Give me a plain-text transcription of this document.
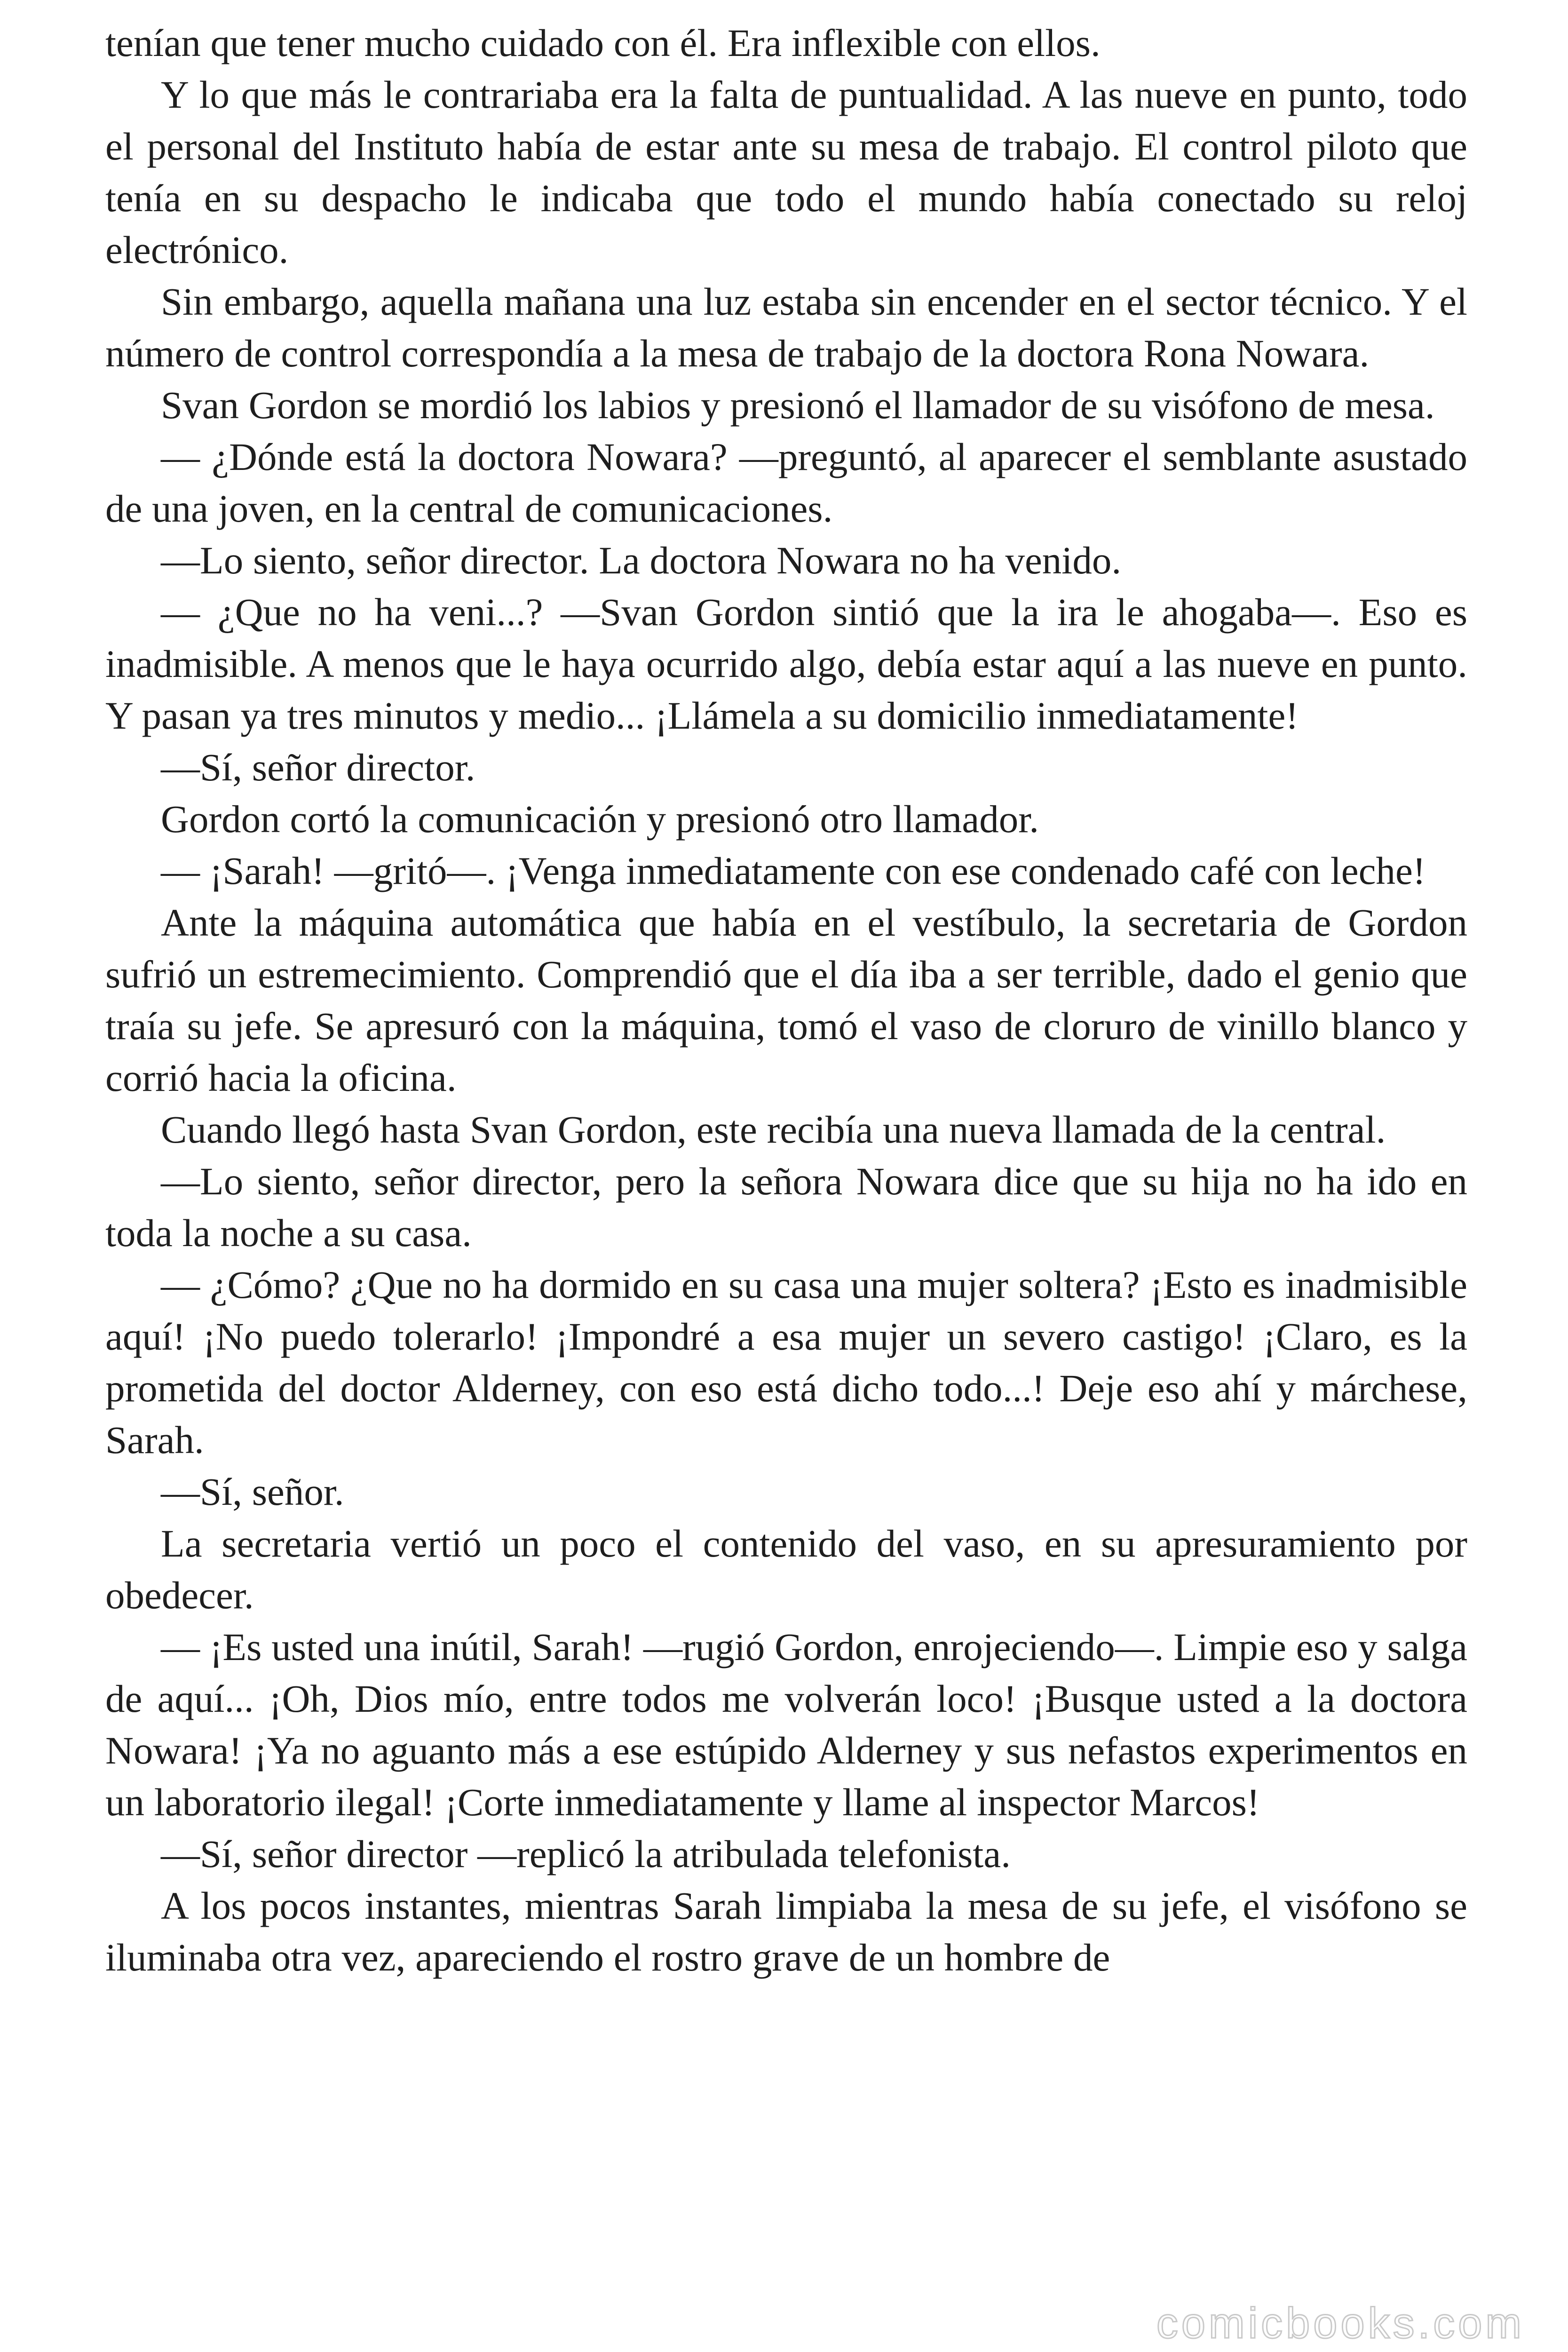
tenían que tener mucho cuidado con él. Era inflexible con ellos.

Y lo que más le contrariaba era la falta de puntualidad. A las nueve en punto, todo el personal del Instituto había de estar ante su mesa de trabajo. El control piloto que tenía en su despacho le indicaba que todo el mundo había conectado su reloj electrónico.

Sin embargo, aquella mañana una luz estaba sin encender en el sector técnico. Y el número de control correspondía a la mesa de trabajo de la doctora Rona Nowara.

Svan Gordon se mordió los labios y presionó el llamador de su visófono de mesa.

— ¿Dónde está la doctora Nowara? —preguntó, al aparecer el semblante asustado de una joven, en la central de comunicaciones.

—Lo siento, señor director. La doctora Nowara no ha venido.

— ¿Que no ha veni...? —Svan Gordon sintió que la ira le ahogaba—. Eso es inadmisible. A menos que le haya ocurrido algo, debía estar aquí a las nueve en punto. Y pasan ya tres minutos y medio... ¡Llámela a su domicilio inmediatamente!

—Sí, señor director.

Gordon cortó la comunicación y presionó otro llamador.

— ¡Sarah! —gritó—. ¡Venga inmediatamente con ese condenado café con leche!

Ante la máquina automática que había en el vestíbulo, la secretaria de Gordon sufrió un estremecimiento. Comprendió que el día iba a ser terrible, dado el genio que traía su jefe. Se apresuró con la máquina, tomó el vaso de cloruro de vinillo blanco y corrió hacia la oficina.

Cuando llegó hasta Svan Gordon, este recibía una nueva llamada de la central.

—Lo siento, señor director, pero la señora Nowara dice que su hija no ha ido en toda la noche a su casa.

— ¿Cómo? ¿Que no ha dormido en su casa una mujer soltera? ¡Esto es inadmisible aquí! ¡No puedo tolerarlo! ¡Impondré a esa mujer un severo castigo! ¡Claro, es la prometida del doctor Alderney, con eso está dicho todo...! Deje eso ahí y márchese, Sarah.

—Sí, señor.

La secretaria vertió un poco el contenido del vaso, en su apresuramiento por obedecer.

— ¡Es usted una inútil, Sarah! —rugió Gordon, enrojeciendo—. Limpie eso y salga de aquí... ¡Oh, Dios mío, entre todos me volverán loco! ¡Busque usted a la doctora Nowara! ¡Ya no aguanto más a ese estúpido Alderney y sus nefastos experimentos en un laboratorio ilegal! ¡Corte inmediatamente y llame al inspector Marcos!

—Sí, señor director —replicó la atribulada telefonista.

A los pocos instantes, mientras Sarah limpiaba la mesa de su jefe, el visófono se iluminaba otra vez, apareciendo el rostro grave de un hombre de

comicbooks.com
